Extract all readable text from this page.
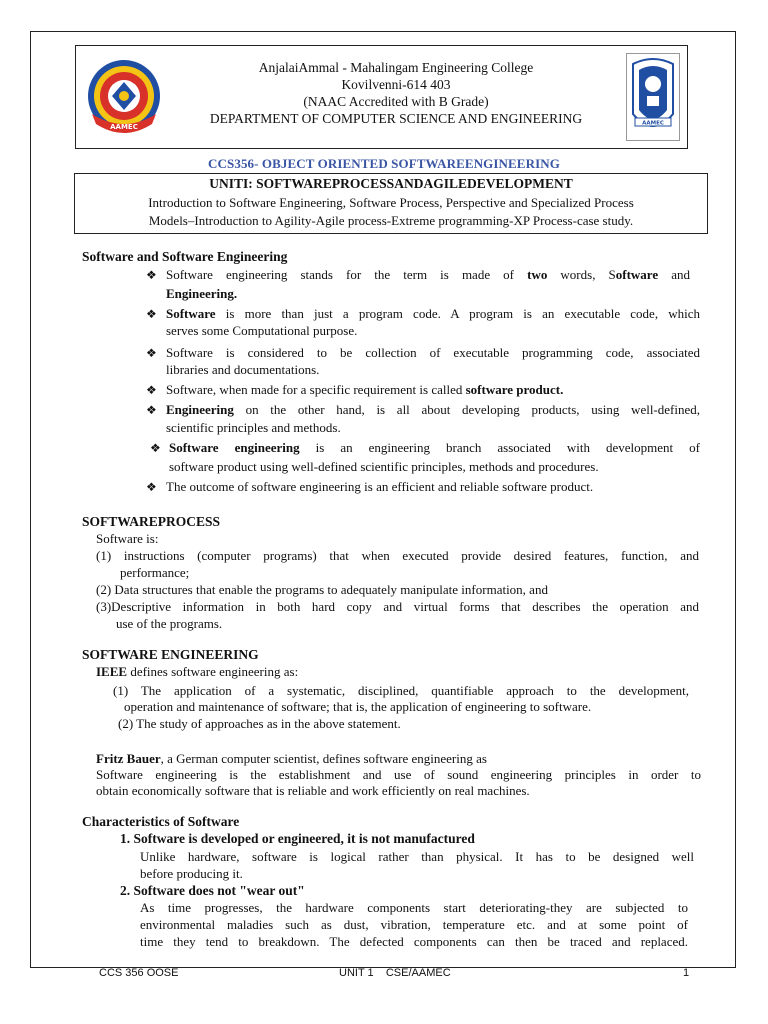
AAMEC	AAMEC
AnjalaiAmmal - Mahalingam Engineering College
Kovilvenni-614 403
(NAAC Accredited with B Grade)
DEPARTMENT OF COMPUTER SCIENCE AND ENGINEERING
CCS356- OBJECT ORIENTED SOFTWAREENGINEERING
UNITI: SOFTWAREPROCESSANDAGILEDEVELOPMENT
Introduction to Software Engineering, Software Process, Perspective and Specialized Process
Models–Introduction to Agility-Agile process-Extreme programming-XP Process-case study.
Software and Software Engineering
❖ Software engineering stands for the term is made of two words, Software and
Engineering.
❖ Software is more than just a program code. A program is an executable code, which
serves some Computational purpose.
❖ Software is considered to be collection of executable programming code, associated
libraries and documentations.
❖ Software, when made for a specific requirement is called software product.
❖ Engineering on the other hand, is all about developing products, using well-defined,
scientific principles and methods.
❖ Software engineering is an engineering branch associated with development of
software product using well-defined scientific principles, methods and procedures.
❖ The outcome of software engineering is an efficient and reliable software product.
SOFTWAREPROCESS
Software is:
(1) instructions (computer programs) that when executed provide desired features, function, and
performance;
(2) Data structures that enable the programs to adequately manipulate information, and
(3)Descriptive information in both hard copy and virtual forms that describes the operation and
use of the programs.
SOFTWARE ENGINEERING
IEEE defines software engineering as:
(1) The application of a systematic, disciplined, quantifiable approach to the development,
operation and maintenance of software; that is, the application of engineering to software.
(2) The study of approaches as in the above statement.
Fritz Bauer, a German computer scientist, defines software engineering as
Software engineering is the establishment and use of sound engineering principles in order to
obtain economically software that is reliable and work efficiently on real machines.
Characteristics of Software
1. Software is developed or engineered, it is not manufactured
Unlike hardware, software is logical rather than physical. It has to be designed well
before producing it.
2. Software does not "wear out"
As time progresses, the hardware components start deteriorating-they are subjected to
environmental maladies such as dust, vibration, temperature etc. and at some point of
time they tend to breakdown. The defected components can then be traced and replaced.
CCS 356 OOSE	UNIT 1    CSE/AAMEC	1
